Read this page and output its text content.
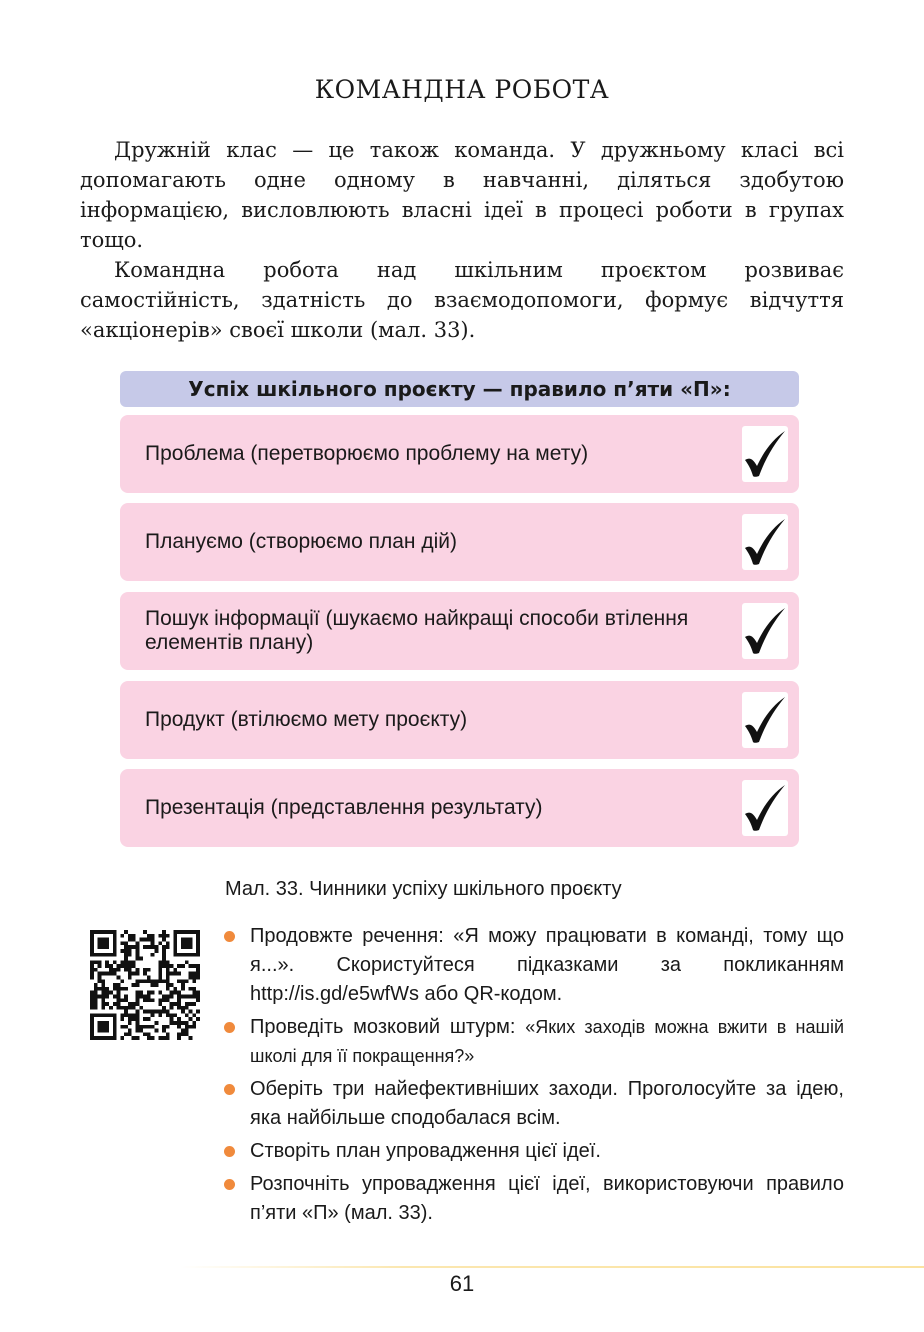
КОМАНДНА РОБОТА

Дружній клас — це також команда. У дружньому класі всі допомагають одне одному в навчанні, діляться здобутою інформацією, висловлюють власні ідеї в процесі роботи в групах тощо.

Командна робота над шкільним проєктом розвиває самостійність, здатність до взаємодопомоги, формує відчуття «акціонерів» своєї школи (мал. 33).

Успіх шкільного проєкту — правило п’яти «П»:
Проблема (перетворюємо проблему на мету)
Плануємо (створюємо план дій)
Пошук інформації (шукаємо найкращі способи втілення елементів плану)
Продукт (втілюємо мету проєкту)
Презентація (представлення результату)
Мал. 33. Чинники успіху шкільного проєкту
Продовжте речення: «Я можу працювати в команді, тому що я...». Скористуйтеся підказками за покликанням http://is.gd/e5wfWs або QR-кодом.
Проведіть мозковий штурм: «Яких заходів можна вжити в нашій школі для її покращення?»
Оберіть три найефективніших заходи. Проголосуйте за ідею, яка найбільше сподобалася всім.
Створіть план упровадження цієї ідеї.
Розпочніть упровадження цієї ідеї, використовуючи правило п’яти «П» (мал. 33).
61
